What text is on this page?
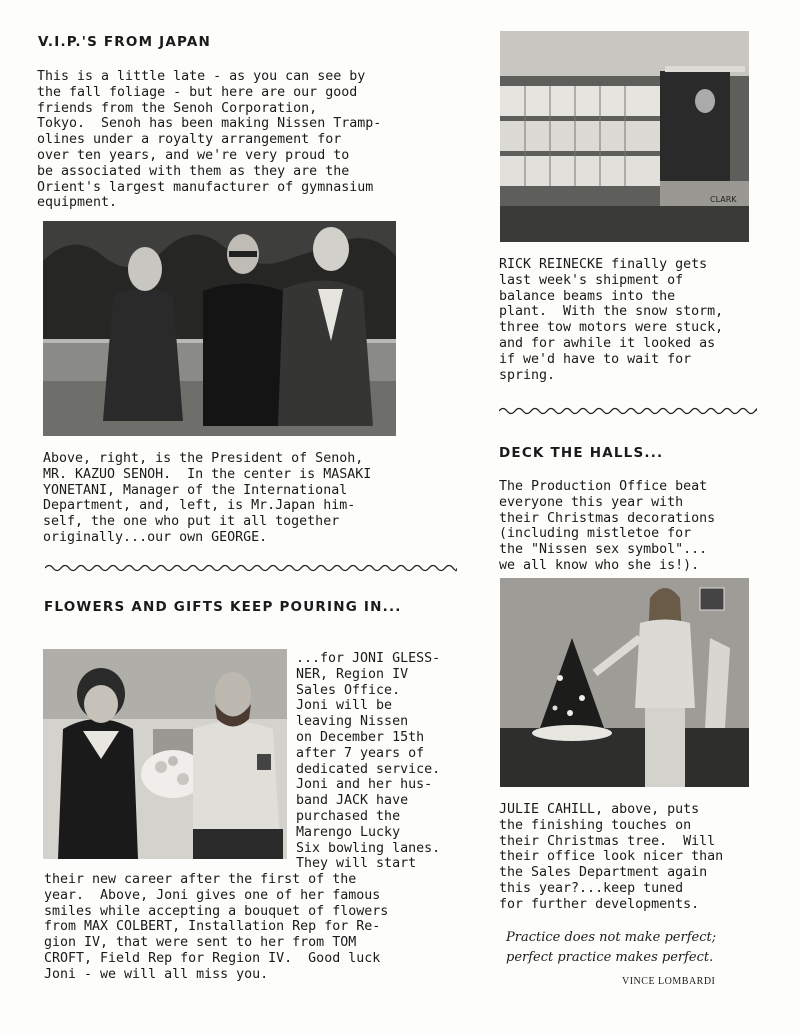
V.I.P.'S FROM JAPAN

This is a little late - as you can see by

the fall foliage - but here are our good

friends from the Senoh Corporation,

Tokyo.  Senoh has been making Nissen Tramp-

olines under a royalty arrangement for

over ten years, and we're very proud to

be associated with them as they are the

Orient's largest manufacturer of gymnasium

equipment.

Above, right, is the President of Senoh,

MR. KAZUO SENOH.  In the center is MASAKI

YONETANI, Manager of the International

Department, and, left, is Mr.Japan him-

self, the one who put it all together

originally...our own GEORGE.

FLOWERS AND GIFTS KEEP POURING IN...

...for JONI GLESS-

NER, Region IV

Sales Office.

Joni will be

leaving Nissen

on December 15th

after 7 years of

dedicated service.

Joni and her hus-

band JACK have

purchased the

Marengo Lucky

Six bowling lanes.

They will start

their new career after the first of the

year.  Above, Joni gives one of her famous

smiles while accepting a bouquet of flowers

from MAX COLBERT, Installation Rep for Re-

gion IV, that were sent to her from TOM

CROFT, Field Rep for Region IV.  Good luck

Joni - we will all miss you.

CLARK

RICK REINECKE finally gets

last week's shipment of

balance beams into the

plant.  With the snow storm,

three tow motors were stuck,

and for awhile it looked as

if we'd have to wait for

spring.

DECK THE HALLS...

The Production Office beat

everyone this year with

their Christmas decorations

(including mistletoe for

the "Nissen sex symbol"...

we all know who she is!).

JULIE CAHILL, above, puts

the finishing touches on

their Christmas tree.  Will

their office look nicer than

the Sales Department again

this year?...keep tuned

for further developments.

Practice does not make perfect;

perfect practice makes perfect.

VINCE LOMBARDI
